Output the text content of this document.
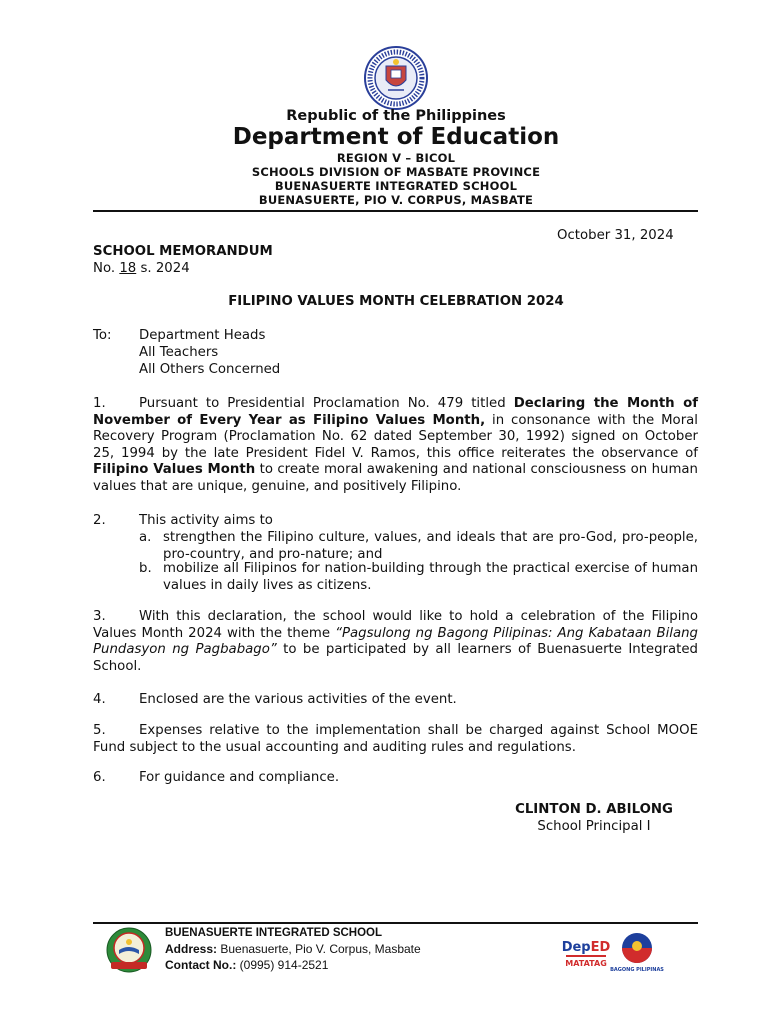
Republic of the Philippines
Department of Education
REGION V – BICOL
SCHOOLS DIVISION OF MASBATE PROVINCE
BUENASUERTE INTEGRATED SCHOOL
BUENASUERTE, PIO V. CORPUS, MASBATE
October 31, 2024
SCHOOL MEMORANDUM
No. 18 s. 2024
FILIPINO VALUES MONTH CELEBRATION 2024
To: Department Heads
All Teachers
All Others Concerned
1.	Pursuant to Presidential Proclamation No. 479 titled Declaring the Month of November of Every Year as Filipino Values Month, in consonance with the Moral Recovery Program (Proclamation No. 62 dated September 30, 1992) signed on October 25, 1994 by the late President Fidel V. Ramos, this office reiterates the observance of Filipino Values Month to create moral awakening and national consciousness on human values that are unique, genuine, and positively Filipino.
2.	This activity aims to
a. strengthen the Filipino culture, values, and ideals that are pro-God, pro-people, pro-country, and pro-nature; and
b. mobilize all Filipinos for nation-building through the practical exercise of human values in daily lives as citizens.
3.	With this declaration, the school would like to hold a celebration of the Filipino Values Month 2024 with the theme “Pagsulong ng Bagong Pilipinas: Ang Kabataan Bilang Pundasyon ng Pagbabago” to be participated by all learners of Buenasuerte Integrated School.
4.	Enclosed are the various activities of the event.
5.	Expenses relative to the implementation shall be charged against School MOOE Fund subject to the usual accounting and auditing rules and regulations.
6.	For guidance and compliance.
CLINTON D. ABILONG
School Principal I
BUENASUERTE INTEGRATED SCHOOL
Address: Buenasuerte, Pio V. Corpus, Masbate
Contact No.: (0995) 914-2521
DepED
MATATAG
BAGONG PILIPINAS
